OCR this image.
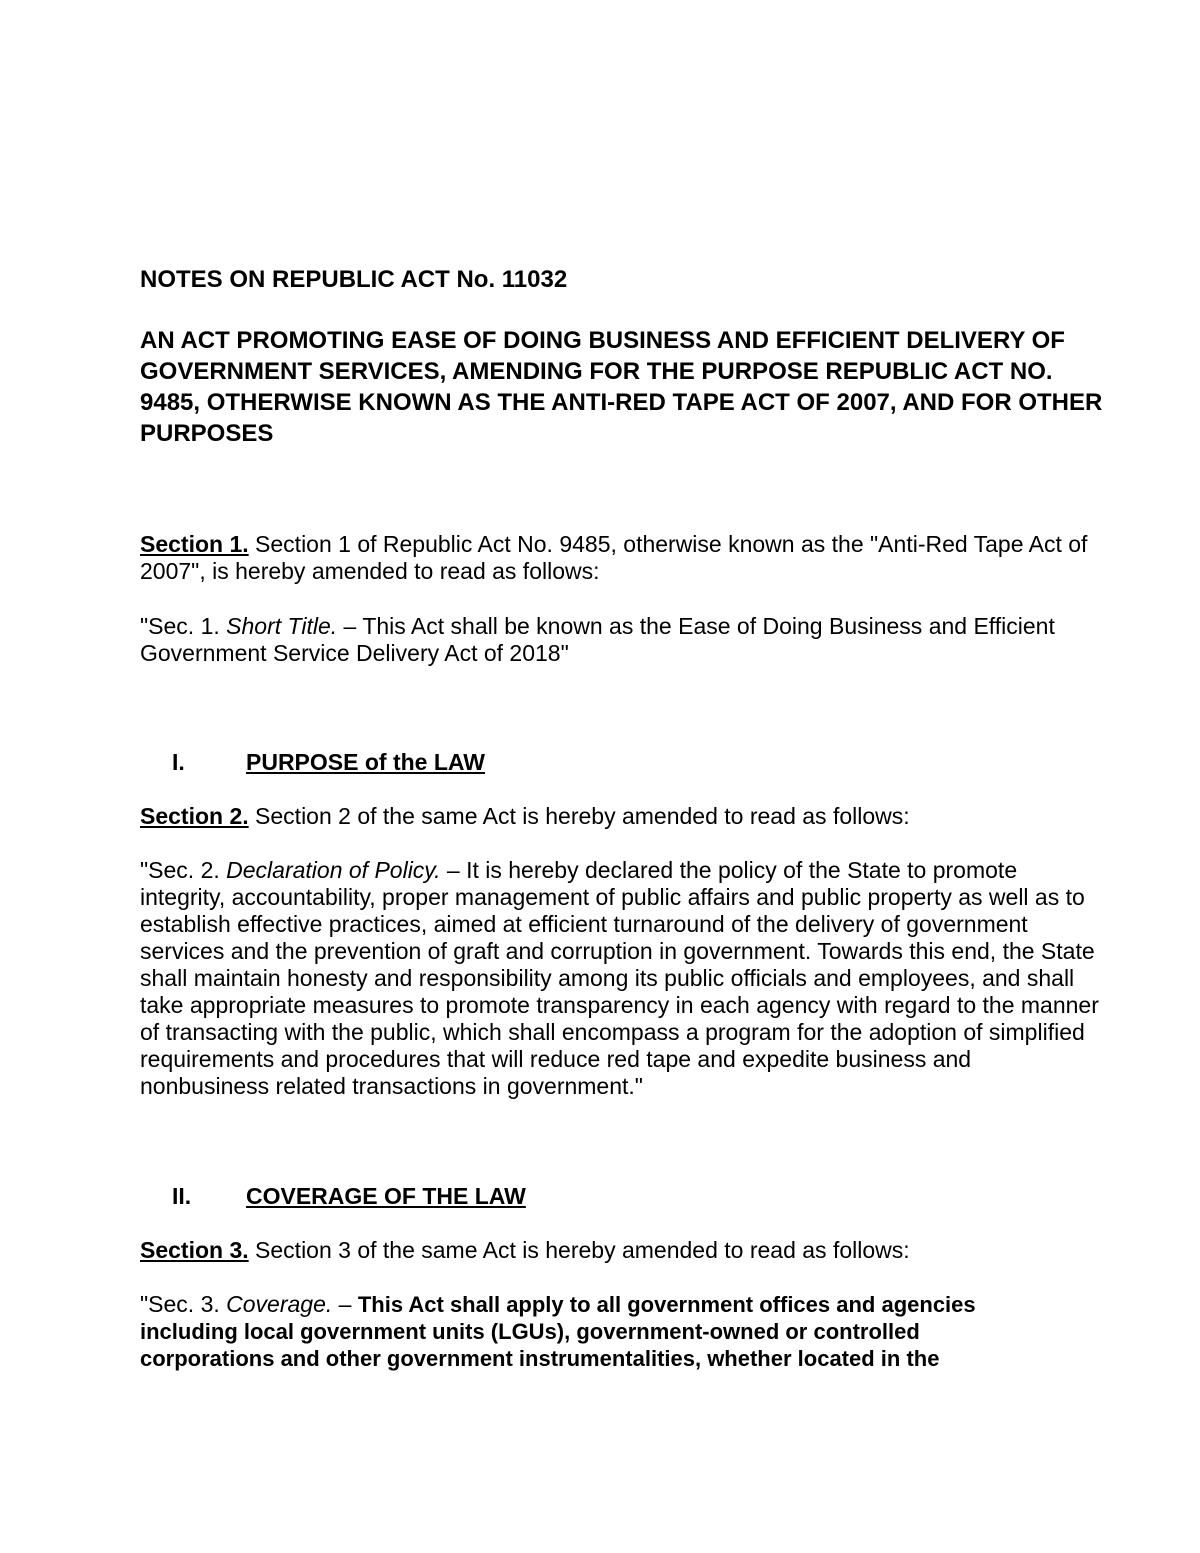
NOTES ON REPUBLIC ACT No. 11032

AN ACT PROMOTING EASE OF DOING BUSINESS AND EFFICIENT DELIVERY OF GOVERNMENT SERVICES, AMENDING FOR THE PURPOSE REPUBLIC ACT NO. 9485, OTHERWISE KNOWN AS THE ANTI-RED TAPE ACT OF 2007, AND FOR OTHER PURPOSES

Section 1. Section 1 of Republic Act No. 9485, otherwise known as the "Anti-Red Tape Act of 2007", is hereby amended to read as follows:

"Sec. 1. Short Title. – This Act shall be known as the Ease of Doing Business and Efficient Government Service Delivery Act of 2018"

I.	PURPOSE of the LAW

Section 2. Section 2 of the same Act is hereby amended to read as follows:

"Sec. 2. Declaration of Policy. – It is hereby declared the policy of the State to promote integrity, accountability, proper management of public affairs and public property as well as to establish effective practices, aimed at efficient turnaround of the delivery of government services and the prevention of graft and corruption in government. Towards this end, the State shall maintain honesty and responsibility among its public officials and employees, and shall take appropriate measures to promote transparency in each agency with regard to the manner of transacting with the public, which shall encompass a program for the adoption of simplified requirements and procedures that will reduce red tape and expedite business and nonbusiness related transactions in government."

II. COVERAGE OF THE LAW

Section 3. Section 3 of the same Act is hereby amended to read as follows:

"Sec. 3. Coverage. – This Act shall apply to all government offices and agencies including local government units (LGUs), government-owned or controlled corporations and other government instrumentalities, whether located in the
